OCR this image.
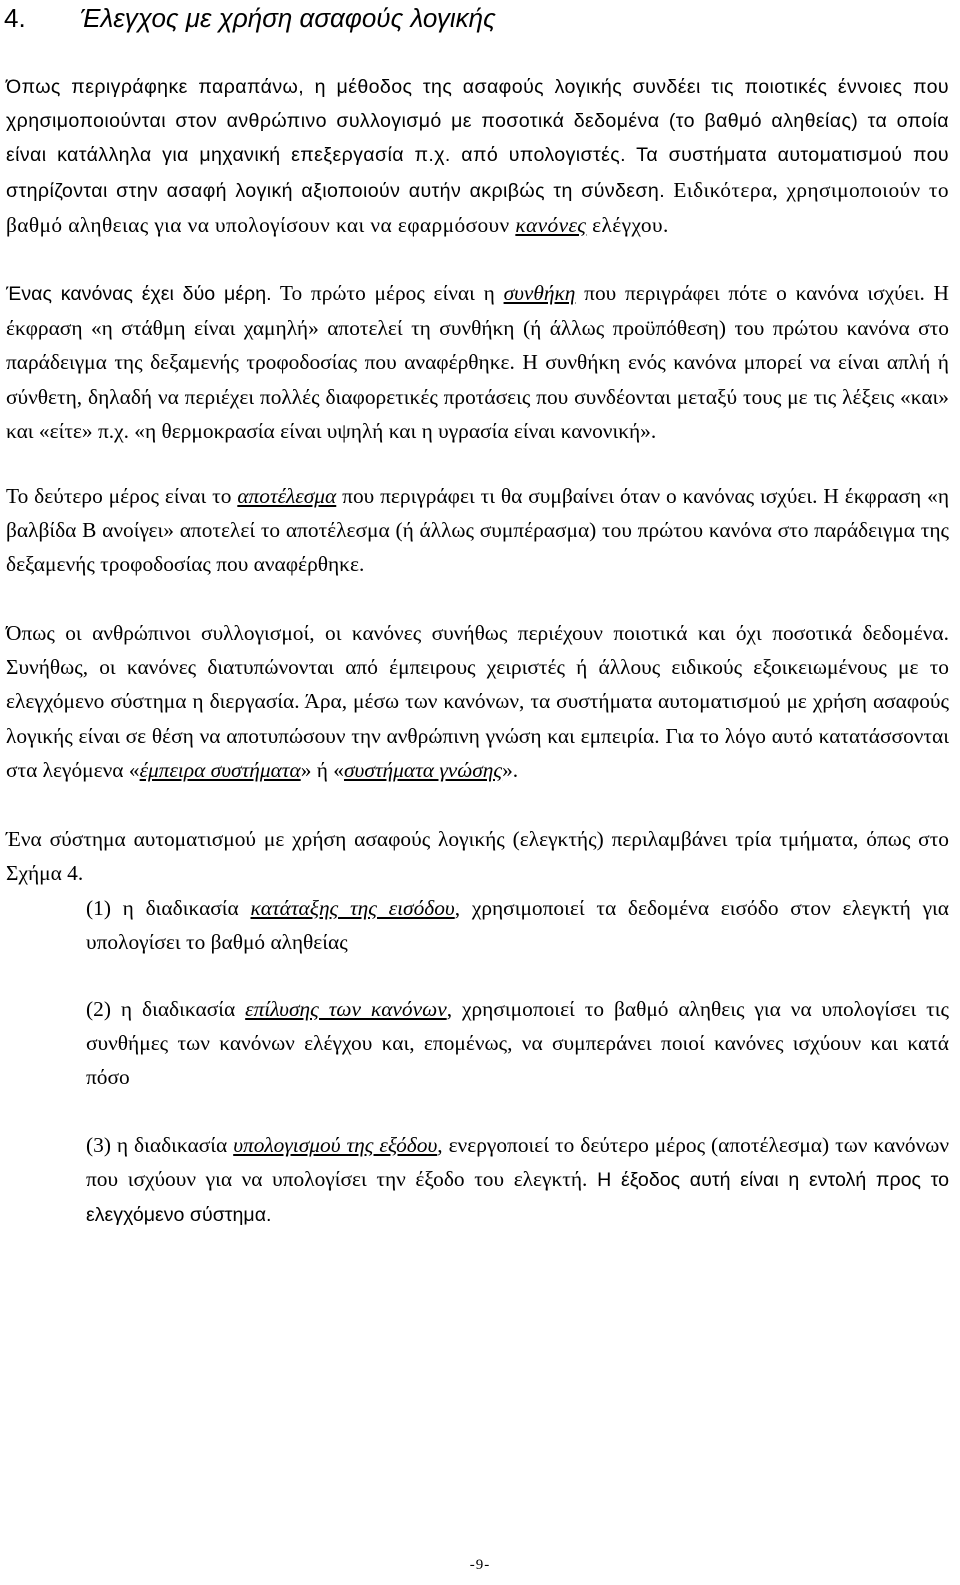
4. Έλεγχος με χρήση ασαφούς λογικής

Όπως περιγράφηκε παραπάνω, η μέθοδος της ασαφούς λογικής συνδέει τις ποιοτικές έννοιες που χρησιμοποιούνται στον ανθρώπινο συλλογισμό με ποσοτικά δεδομένα (το βαθμό αληθείας) τα οποία είναι κατάλληλα για μηχανική επεξεργασία π.χ. από υπολογιστές. Τα συστήματα αυτοματισμού που στηρίζονται στην ασαφή λογική αξιοποιούν αυτήν ακριβώς τη σύνδεση. Ειδικότερα, χρησιμοποιούν το βαθμό αληθειας για να υπολογίσουν και να εφαρμόσουν κανόνες ελέγχου.

Ένας κανόνας έχει δύο μέρη. Το πρώτο μέρος είναι η συνθήκη που περιγράφει πότε ο κανόνα ισχύει. Η έκφραση «η στάθμη είναι χαμηλή» αποτελεί τη συνθήκη (ή άλλως προϋπόθεση) του πρώτου κανόνα στο παράδειγμα της δεξαμενής τροφοδοσίας που αναφέρθηκε. Η συνθήκη ενός κανόνα μπορεί να είναι απλή ή σύνθετη, δηλαδή να περιέχει πολλές διαφορετικές προτάσεις που συνδέονται μεταξύ τους με τις λέξεις «και» και «είτε» π.χ. «η θερμοκρασία είναι υψηλή και η υγρασία είναι κανονική».

Το δεύτερο μέρος είναι το αποτέλεσμα που περιγράφει τι θα συμβαίνει όταν ο κανόνας ισχύει. Η έκφραση «η βαλβίδα Β ανοίγει» αποτελεί το αποτέλεσμα (ή άλλως συμπέρασμα) του πρώτου κανόνα στο παράδειγμα της δεξαμενής τροφοδοσίας που αναφέρθηκε.

Όπως οι ανθρώπινοι συλλογισμοί, οι κανόνες συνήθως περιέχουν ποιοτικά και όχι ποσοτικά δεδομένα. Συνήθως, οι κανόνες διατυπώνονται από έμπειρους χειριστές ή άλλους ειδικούς εξοικειωμένους με το ελεγχόμενο σύστημα η διεργασία. Άρα, μέσω των κανόνων, τα συστήματα αυτοματισμού με χρήση ασαφούς λογικής είναι σε θέση να αποτυπώσουν την ανθρώπινη γνώση και εμπειρία. Για το λόγο αυτό κατατάσσονται στα λεγόμενα «έμπειρα συστήματα» ή «συστήματα γνώσης».

Ένα σύστημα αυτοματισμού με χρήση ασαφούς λογικής (ελεγκτής) περιλαμβάνει τρία τμήματα, όπως στο Σχήμα 4.

(1) η διαδικασία κατάταξης της εισόδου, χρησιμοποιεί τα δεδομένα εισόδο στον ελεγκτή για υπολογίσει το βαθμό αληθείας

(2) η διαδικασία επίλυσης των κανόνων, χρησιμοποιεί το βαθμό αληθεις για να υπολογίσει τις συνθήμες των κανόνων ελέγχου και, επομένως, να συμπεράνει ποιοί κανόνες ισχύουν και κατά πόσο

(3) η διαδικασία υπολογισμού της εξόδου, ενεργοποιεί το δεύτερο μέρος (αποτέλεσμα) των κανόνων που ισχύουν για να υπολογίσει την έξοδο του ελεγκτή. Η έξοδος αυτή είναι η εντολή προς το ελεγχόμενο σύστημα.

-9-
